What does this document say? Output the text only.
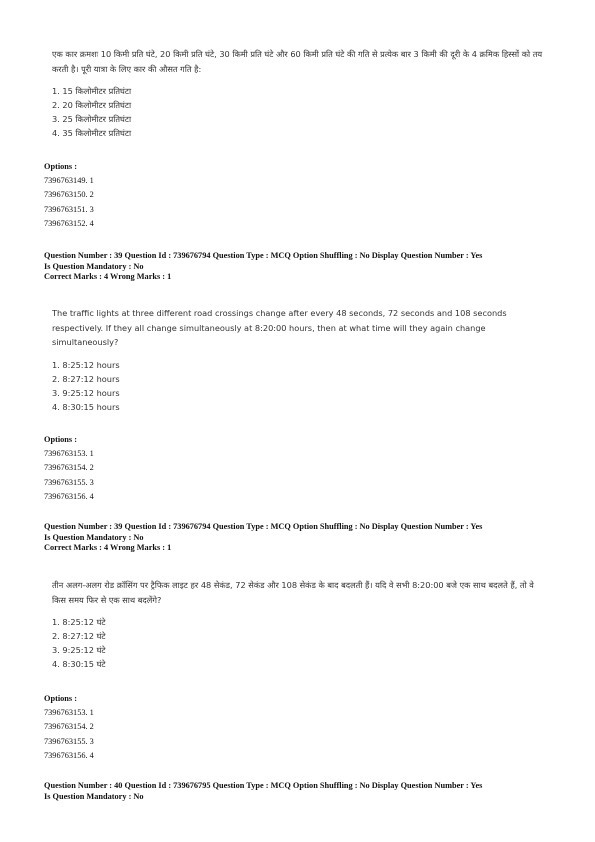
एक कार क्रमशः 10 किमी प्रति घंटे, 20 किमी प्रति घंटे, 30 किमी प्रति घंटे और 60 किमी प्रति घंटे की गति से प्रत्येक बार 3 किमी की दूरी के 4 क्रमिक हिस्सों को तय करती है। पूरी यात्रा के लिए कार की औसत गति है:

1. 15 किलोमीटर प्रतिघंटा
2. 20 किलोमीटर प्रतिघंटा
3. 25 किलोमीटर प्रतिघंटा
4. 35 किलोमीटर प्रतिघंटा
Options :
7396763149. 1
7396763150. 2
7396763151. 3
7396763152. 4
Question Number : 39 Question Id : 739676794 Question Type : MCQ Option Shuffling : No Display Question Number : Yes
Is Question Mandatory : No
Correct Marks : 4 Wrong Marks : 1

The traffic lights at three different road crossings change after every 48 seconds, 72 seconds and 108 seconds respectively. If they all change simultaneously at 8:20:00 hours, then at what time will they again change simultaneously?

1. 8:25:12 hours
2. 8:27:12 hours
3. 9:25:12 hours
4. 8:30:15 hours
Options :
7396763153. 1
7396763154. 2
7396763155. 3
7396763156. 4
Question Number : 39 Question Id : 739676794 Question Type : MCQ Option Shuffling : No Display Question Number : Yes
Is Question Mandatory : No
Correct Marks : 4 Wrong Marks : 1

तीन अलग-अलग रोड क्रॉसिंग पर ट्रैफिक लाइट हर 48 सेकंड, 72 सेकंड और 108 सेकंड के बाद बदलती हैं। यदि वे सभी 8:20:00 बजे एक साथ बदलते हैं, तो वे किस समय फिर से एक साथ बदलेंगे?

1. 8:25:12 घंटे
2. 8:27:12 घंटे
3. 9:25:12 घंटे
4. 8:30:15 घंटे
Options :
7396763153. 1
7396763154. 2
7396763155. 3
7396763156. 4
Question Number : 40 Question Id : 739676795 Question Type : MCQ Option Shuffling : No Display Question Number : Yes
Is Question Mandatory : No
